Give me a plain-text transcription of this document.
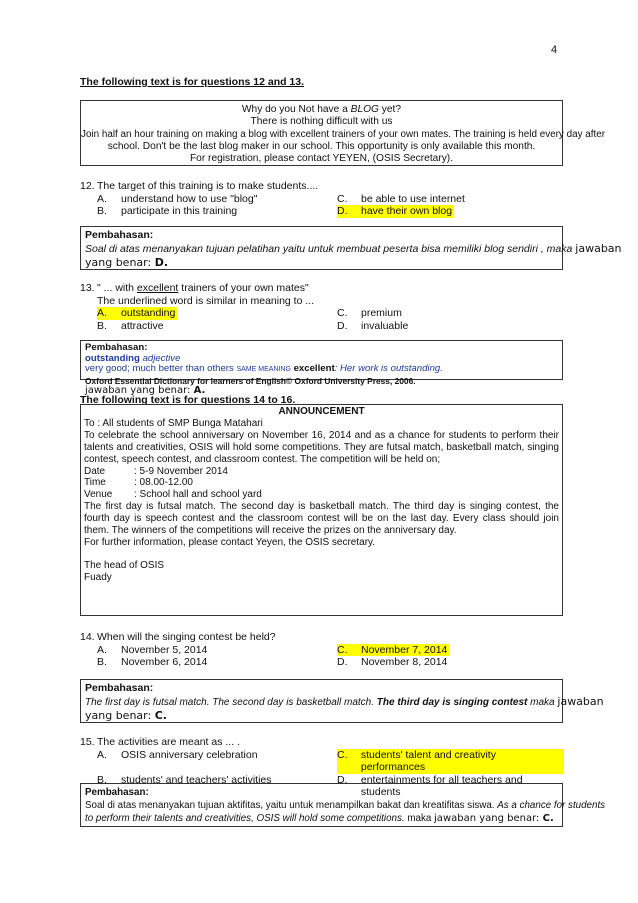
4
The following text is for questions 12 and 13.
Why do you Not have a BLOG yet?
There is nothing difficult with us
Join half an hour training on making a blog with excellent trainers of your own mates. The training is held every day after
school. Don't be the last blog maker in our school. This opportunity is only available this month.
For registration, please contact YEYEN, (OSIS Secretary).
12. The target of this training is to make students....
A.	understand how to use "blog"	C.	be able to use internet
B.	participate in this training	D.	have their own blog
Pembahasan:
Soal di atas menanyakan tujuan pelatihan yaitu untuk membuat peserta bisa memiliki blog sendiri , maka jawaban
yang benar: D.
13. " ... with excellent trainers of your own mates"
The underlined word is similar in meaning to ...
A.	outstanding	C.	premium
B.	attractive	D.	invaluable
Pembahasan:
outstanding adjective
very good; much better than others SAME MEANING excellent: Her work is outstanding.
Oxford Essential Dictionary for learners of English© Oxford University Press, 2006.
jawaban yang benar: A.
The following text is for questions 14 to 16.
ANNOUNCEMENT
To : All students of SMP Bunga Matahari
To celebrate the school anniversary on November 16, 2014 and as a chance for students to perform their talents and creativities, OSIS will hold some competitions. They are futsal match, basketball match, singing contest, speech contest, and classroom contest. The competition will be held on;
Date	: 5-9 November 2014
Time	: 08.00-12.00
Venue	: School hall and school yard
The first day is futsal match. The second day is basketball match. The third day is singing contest, the fourth day is speech contest and the classroom contest will be on the last day. Every class should join them. The winners of the competitions will receive the prizes on the anniversary day.
For further information, please contact Yeyen, the OSIS secretary.
The head of OSIS
Fuady
14. When will the singing contest be held?
A.	November 5, 2014	C.	November 7, 2014
B.	November 6, 2014	D.	November 8, 2014
Pembahasan:
The first day is futsal match. The second day is basketball match. The third day is singing contest maka jawaban
yang benar: C.
15. The activities are meant as ... .
A.	OSIS anniversary celebration	C.	students' talent and creativity performances
B.	students' and teachers' activities	D.	entertainments for all teachers and students
Pembahasan:
Soal di atas menanyakan tujuan aktifitas, yaitu untuk menampilkan bakat dan kreatifitas siswa. As a chance for students
to perform their talents and creativities, OSIS will hold some competitions. maka jawaban yang benar: C.
